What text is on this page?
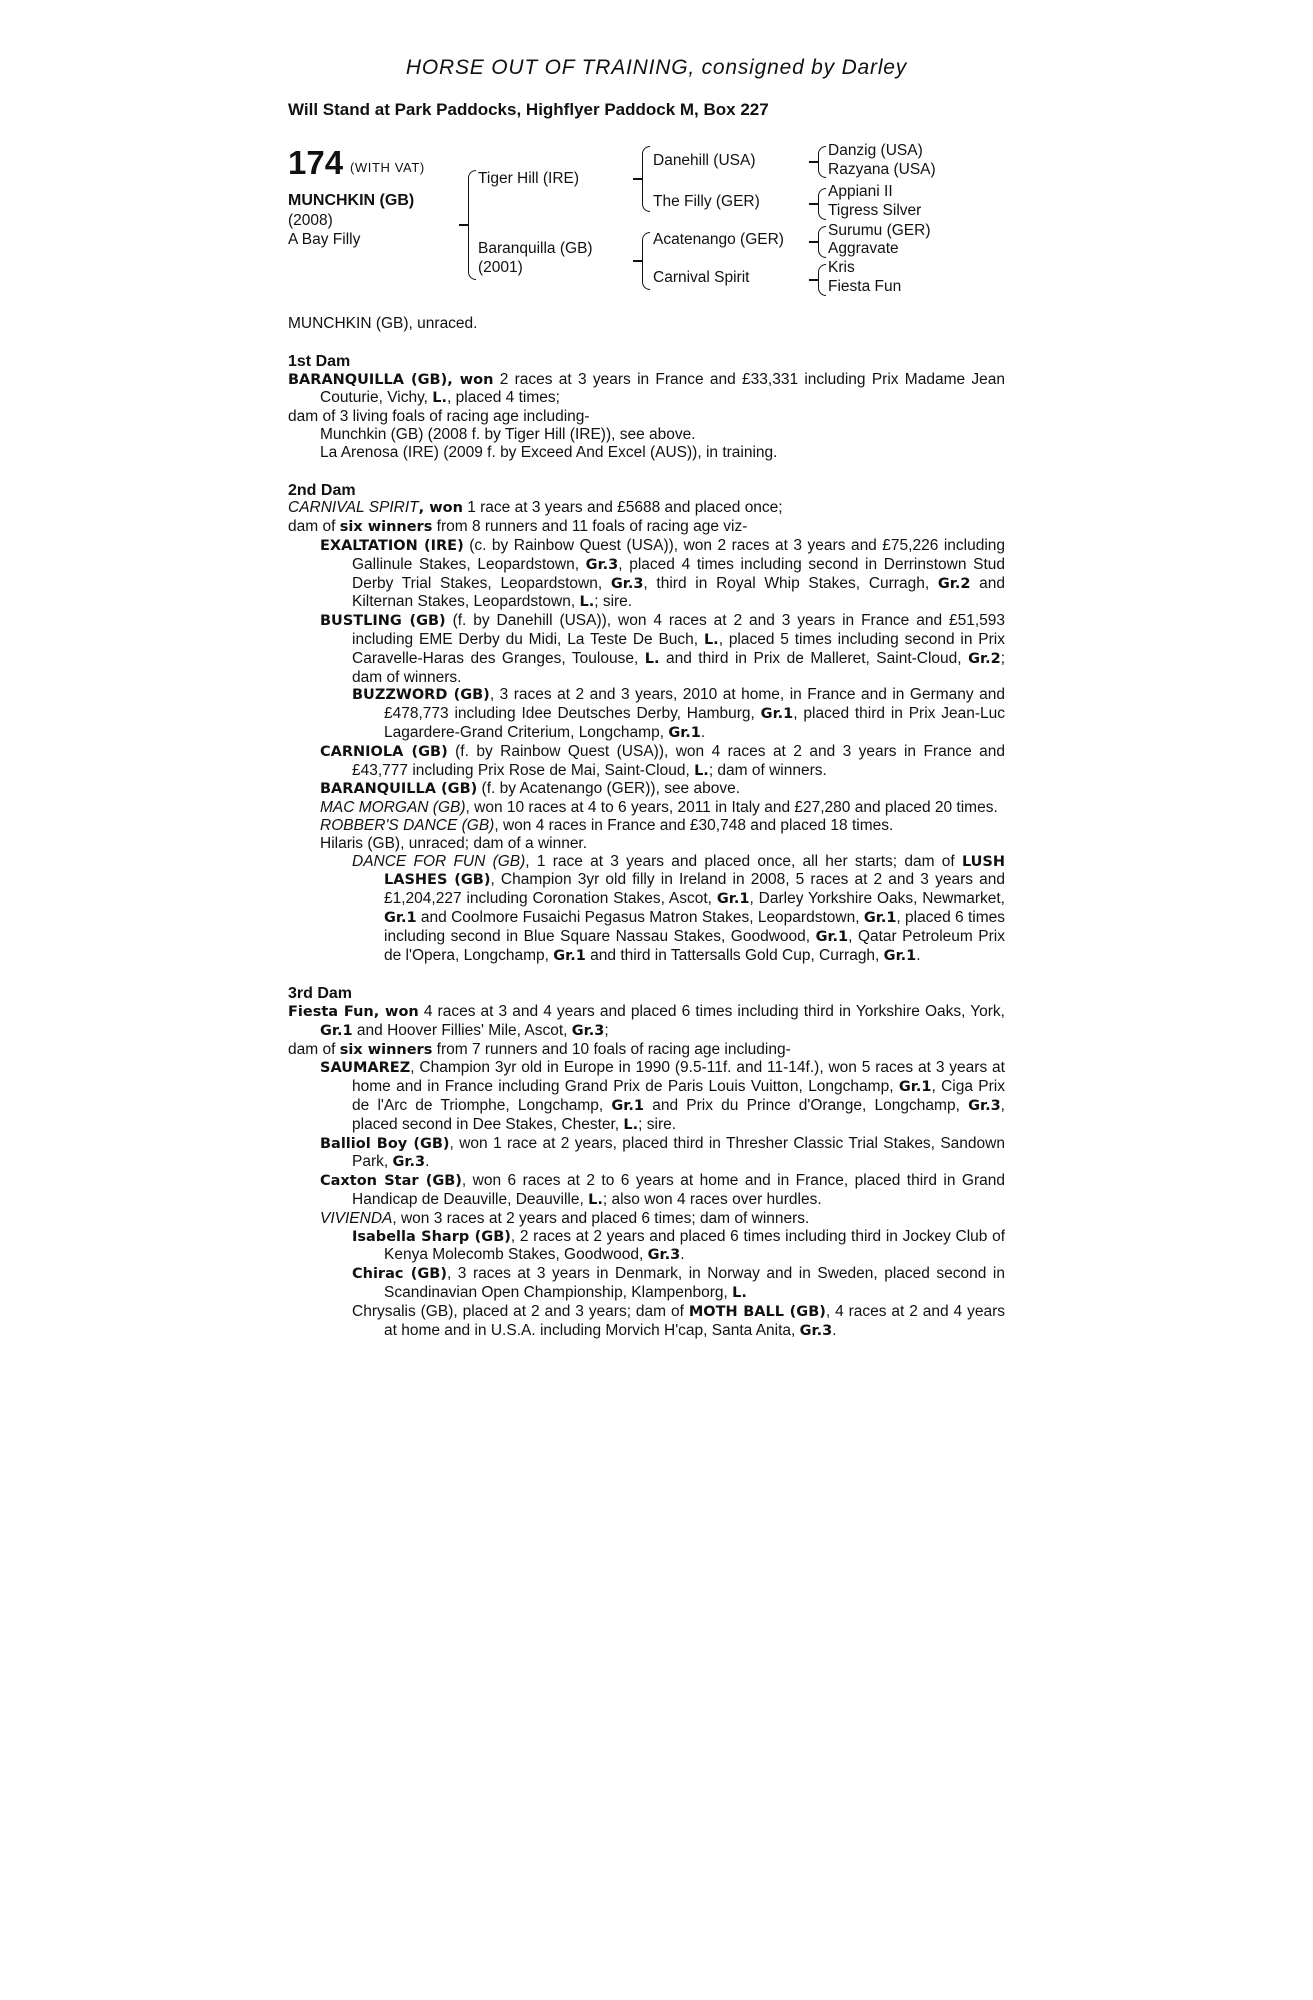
HORSE OUT OF TRAINING, consigned by Darley
Will Stand at Park Paddocks, Highflyer Paddock M, Box 227
174 (WITH VAT)
MUNCHKIN (GB)
(2008)
A Bay Filly
Tiger Hill (IRE)
Baranquilla (GB)
(2001)
Danehill (USA)
The Filly (GER)
Acatenango (GER)
Carnival Spirit
Danzig (USA)
Razyana (USA)
Appiani II
Tigress Silver
Surumu (GER)
Aggravate
Kris
Fiesta Fun

MUNCHKIN (GB), unraced.

1st Dam

BARANQUILLA (GB), won 2 races at 3 years in France and £33,331 including Prix Madame Jean Couturie, Vichy, L., placed 4 times;

dam of 3 living foals of racing age including-

Munchkin (GB) (2008 f. by Tiger Hill (IRE)), see above.

La Arenosa (IRE) (2009 f. by Exceed And Excel (AUS)), in training.

2nd Dam

CARNIVAL SPIRIT, won 1 race at 3 years and £5688 and placed once;

dam of six winners from 8 runners and 11 foals of racing age viz-

EXALTATION (IRE) (c. by Rainbow Quest (USA)), won 2 races at 3 years and £75,226 including Gallinule Stakes, Leopardstown, Gr.3, placed 4 times including second in Derrinstown Stud Derby Trial Stakes, Leopardstown, Gr.3, third in Royal Whip Stakes, Curragh, Gr.2 and Kilternan Stakes, Leopardstown, L.; sire.

BUSTLING (GB) (f. by Danehill (USA)), won 4 races at 2 and 3 years in France and £51,593 including EME Derby du Midi, La Teste De Buch, L., placed 5 times including second in Prix Caravelle-Haras des Granges, Toulouse, L. and third in Prix de Malleret, Saint-Cloud, Gr.2; dam of winners.

BUZZWORD (GB), 3 races at 2 and 3 years, 2010 at home, in France and in Germany and £478,773 including Idee Deutsches Derby, Hamburg, Gr.1, placed third in Prix Jean-Luc Lagardere-Grand Criterium, Longchamp, Gr.1.

CARNIOLA (GB) (f. by Rainbow Quest (USA)), won 4 races at 2 and 3 years in France and £43,777 including Prix Rose de Mai, Saint-Cloud, L.; dam of winners.

BARANQUILLA (GB) (f. by Acatenango (GER)), see above.

MAC MORGAN (GB), won 10 races at 4 to 6 years, 2011 in Italy and £27,280 and placed 20 times.

ROBBER'S DANCE (GB), won 4 races in France and £30,748 and placed 18 times.

Hilaris (GB), unraced; dam of a winner.

DANCE FOR FUN (GB), 1 race at 3 years and placed once, all her starts; dam of LUSH LASHES (GB), Champion 3yr old filly in Ireland in 2008, 5 races at 2 and 3 years and £1,204,227 including Coronation Stakes, Ascot, Gr.1, Darley Yorkshire Oaks, Newmarket, Gr.1 and Coolmore Fusaichi Pegasus Matron Stakes, Leopardstown, Gr.1, placed 6 times including second in Blue Square Nassau Stakes, Goodwood, Gr.1, Qatar Petroleum Prix de l'Opera, Longchamp, Gr.1 and third in Tattersalls Gold Cup, Curragh, Gr.1.

3rd Dam

Fiesta Fun, won 4 races at 3 and 4 years and placed 6 times including third in Yorkshire Oaks, York, Gr.1 and Hoover Fillies' Mile, Ascot, Gr.3;

dam of six winners from 7 runners and 10 foals of racing age including-

SAUMAREZ, Champion 3yr old in Europe in 1990 (9.5-11f. and 11-14f.), won 5 races at 3 years at home and in France including Grand Prix de Paris Louis Vuitton, Longchamp, Gr.1, Ciga Prix de l'Arc de Triomphe, Longchamp, Gr.1 and Prix du Prince d'Orange, Longchamp, Gr.3, placed second in Dee Stakes, Chester, L.; sire.

Balliol Boy (GB), won 1 race at 2 years, placed third in Thresher Classic Trial Stakes, Sandown Park, Gr.3.

Caxton Star (GB), won 6 races at 2 to 6 years at home and in France, placed third in Grand Handicap de Deauville, Deauville, L.; also won 4 races over hurdles.

VIVIENDA, won 3 races at 2 years and placed 6 times; dam of winners.

Isabella Sharp (GB), 2 races at 2 years and placed 6 times including third in Jockey Club of Kenya Molecomb Stakes, Goodwood, Gr.3.

Chirac (GB), 3 races at 3 years in Denmark, in Norway and in Sweden, placed second in Scandinavian Open Championship, Klampenborg, L.

Chrysalis (GB), placed at 2 and 3 years; dam of MOTH BALL (GB), 4 races at 2 and 4 years at home and in U.S.A. including Morvich H'cap, Santa Anita, Gr.3.
